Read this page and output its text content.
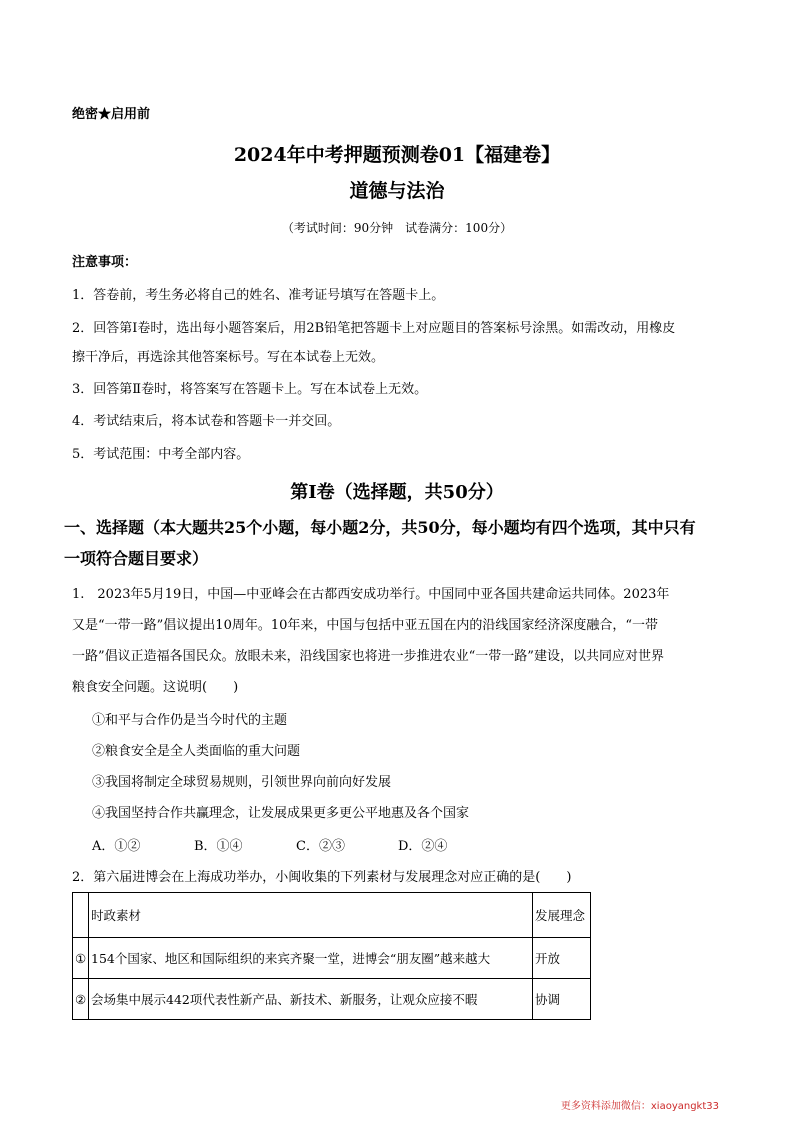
绝密★启用前
2024年中考押题预测卷01【福建卷】
道德与法治
（考试时间：90分钟　试卷满分：100分）
注意事项：
1．答卷前，考生务必将自己的姓名、准考证号填写在答题卡上。
2．回答第Ⅰ卷时，选出每小题答案后，用2B铅笔把答题卡上对应题目的答案标号涂黑。如需改动，用橡皮
擦干净后，再选涂其他答案标号。写在本试卷上无效。
3．回答第Ⅱ卷时，将答案写在答题卡上。写在本试卷上无效。
4．考试结束后，将本试卷和答题卡一并交回。
5．考试范围：中考全部内容。
第Ⅰ卷（选择题，共50分）
一、选择题（本大题共25个小题，每小题2分，共50分，每小题均有四个选项，其中只有
一项符合题目要求）
1.　2023年5月19日，中国—中亚峰会在古都西安成功举行。中国同中亚各国共建命运共同体。2023年
又是“一带一路”倡议提出10周年。10年来，中国与包括中亚五国在内的沿线国家经济深度融合，“一带
一路”倡议正造福各国民众。放眼未来，沿线国家也将进一步推进农业“一带一路”建设，以共同应对世界
粮食安全问题。这说明(　　)
①和平与合作仍是当今时代的主题
②粮食安全是全人类面临的重大问题
③我国将制定全球贸易规则，引领世界向前向好发展
④我国坚持合作共赢理念，让发展成果更多更公平地惠及各个国家
A．①②	B．①④	C．②③	D．②④
2．第六届进博会在上海成功举办，小闽收集的下列素材与发展理念对应正确的是(　　)
	时政素材	发展理念
①	154个国家、地区和国际组织的来宾齐聚一堂，进博会“朋友圈”越来越大	开放
②	会场集中展示442项代表性新产品、新技术、新服务，让观众应接不暇	协调
更多资料添加微信：xiaoyangkt33
